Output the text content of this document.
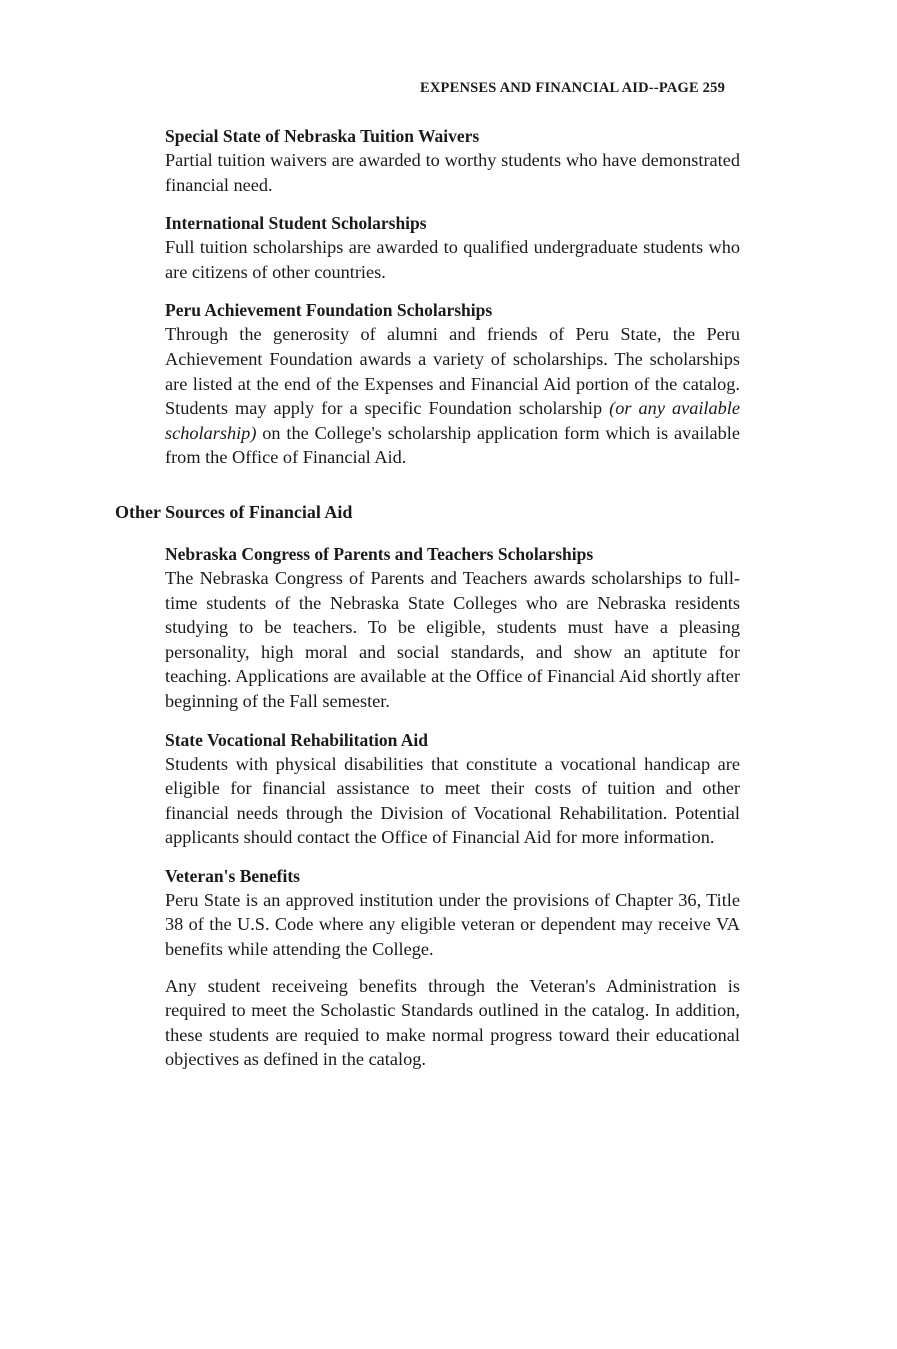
EXPENSES AND FINANCIAL AID--PAGE 259
Special State of Nebraska Tuition Waivers

Partial tuition waivers are awarded to worthy students who have demonstrated financial need.

International Student Scholarships

Full tuition scholarships are awarded to qualified undergraduate students who are citizens of other countries.

Peru Achievement Foundation Scholarships

Through the generosity of alumni and friends of Peru State, the Peru Achievement Foundation awards a variety of scholarships. The scholarships are listed at the end of the Expenses and Financial Aid portion of the catalog. Students may apply for a specific Foundation scholarship (or any available scholarship) on the College's scholarship application form which is available from the Office of Financial Aid.

Other Sources of Financial Aid
Nebraska Congress of Parents and Teachers Scholarships

The Nebraska Congress of Parents and Teachers awards scholarships to full-time students of the Nebraska State Colleges who are Nebraska residents studying to be teachers. To be eligible, students must have a pleasing personality, high moral and social standards, and show an aptitute for teaching. Applications are available at the Office of Financial Aid shortly after beginning of the Fall semester.

State Vocational Rehabilitation Aid

Students with physical disabilities that constitute a vocational handicap are eligible for financial assistance to meet their costs of tuition and other financial needs through the Division of Vocational Rehabilitation. Potential applicants should contact the Office of Financial Aid for more information.

Veteran's Benefits

Peru State is an approved institution under the provisions of Chapter 36, Title 38 of the U.S. Code where any eligible veteran or dependent may receive VA benefits while attending the College.

Any student receiveing benefits through the Veteran's Administration is required to meet the Scholastic Standards outlined in the catalog. In addition, these students are requied to make normal progress toward their educational objectives as defined in the catalog.
